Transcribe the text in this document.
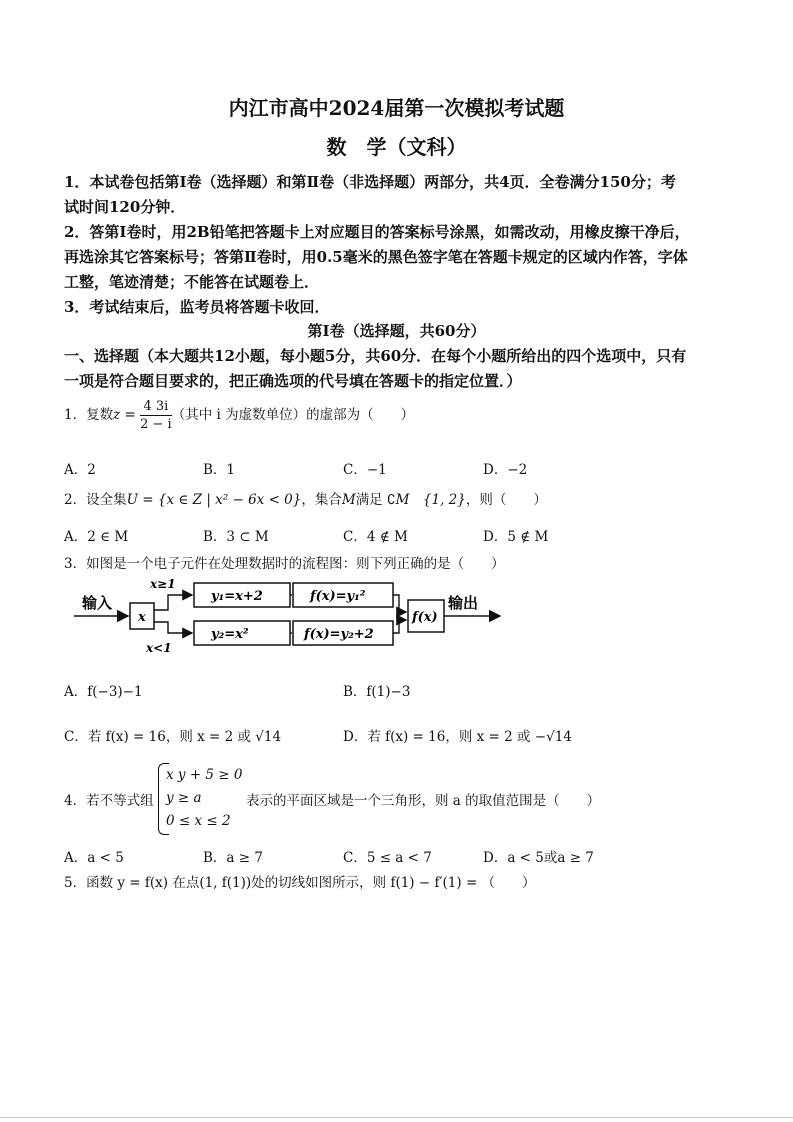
内江市高中2024届第一次模拟考试题
数　学（文科）
1．本试卷包括第Ⅰ卷（选择题）和第Ⅱ卷（非选择题）两部分，共4页．全卷满分150分；考
试时间120分钟．
2．答第Ⅰ卷时，用2B铅笔把答题卡上对应题目的答案标号涂黑，如需改动，用橡皮擦干净后，
再选涂其它答案标号；答第Ⅱ卷时，用0.5毫米的黑色签字笔在答题卡规定的区域内作答，字体
工整，笔迹清楚；不能答在试题卷上．
3．考试结束后，监考员将答题卡收回．
第Ⅰ卷（选择题，共60分）
一、选择题（本大题共12小题，每小题5分，共60分．在每个小题所给出的四个选项中，只有
一项是符合题目要求的，把正确选项的代号填在答题卡的指定位置．）
1．复数$z = \frac{4 3i}{2 - i}$ （其中 i 为虚数单位）的虚部为（　　）
A．2	B．1	C．−1	D．−2
2．设全集U = {x ∈ Z | x² − 6x < 0}，集合M满足 ∁M　{1, 2}，则（　　）
A．2 ∈ M	B．3 ⊂ M	C．4 ∉ M	D．5 ∉ M
3．如图是一个电子元件在处理数据时的流程图：则下列正确的是（　　）
输入
x
x≥1
x<1
y₁=x+2	f(x)=y₁²
y₂=x²	f(x)=y₂+2
f(x)
输出
A．f(−3)−1	B．f(1)−3
C．若 f(x) = 16，则 x = 2 或 √14	D．若 f(x) = 16，则 x = 2 或 −√14
4．若不等式组
x y + 5 ≥ 0
y ≥ a
0 ≤ x ≤ 2
表示的平面区域是一个三角形，则 a 的取值范围是（　　）
A．a < 5	B．a ≥ 7	C．5 ≤ a < 7	D．a < 5或a ≥ 7
5．函数 y = f(x) 在点(1, f(1))处的切线如图所示，则 f(1) − f′(1) = （　　）
